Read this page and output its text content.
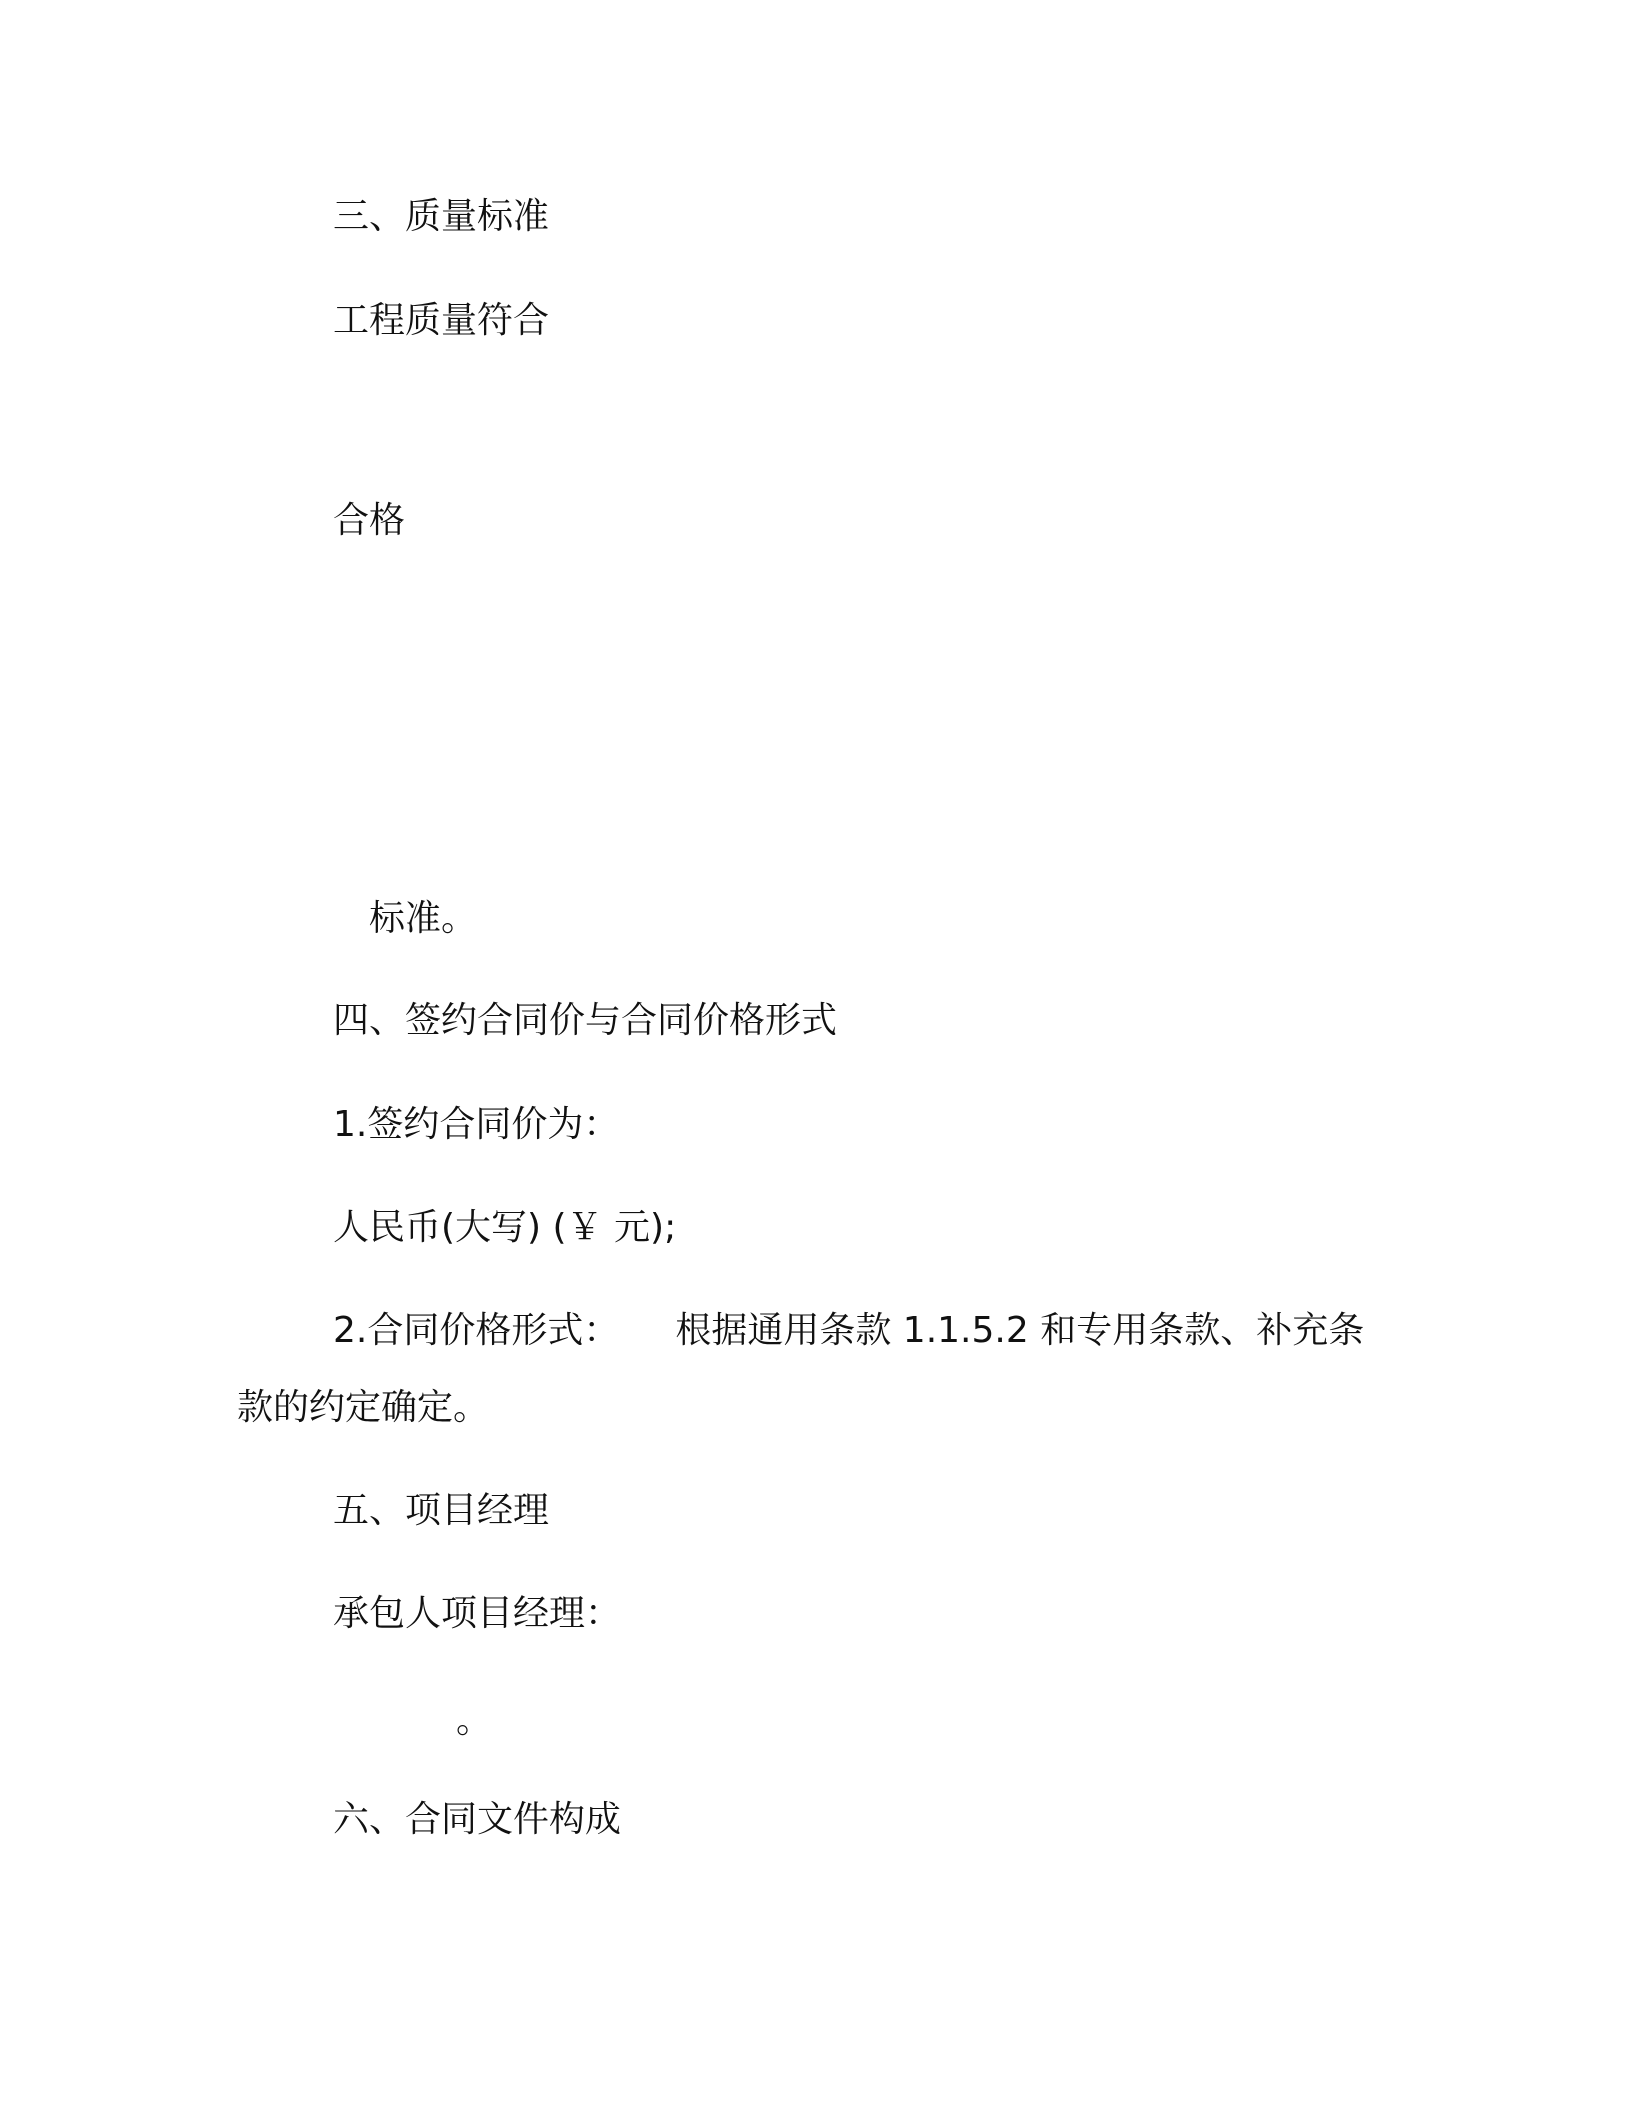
三、质量标准

工程质量符合

合格

标准。

四、签约合同价与合同价格形式

1.签约合同价为：

人民币(大写) (￥ 元);

2.合同价格形式： 根据通用条款 1.1.5.2 和专用条款、补充条

款的约定确定。

五、项目经理

承包人项目经理：

。

六、合同文件构成
